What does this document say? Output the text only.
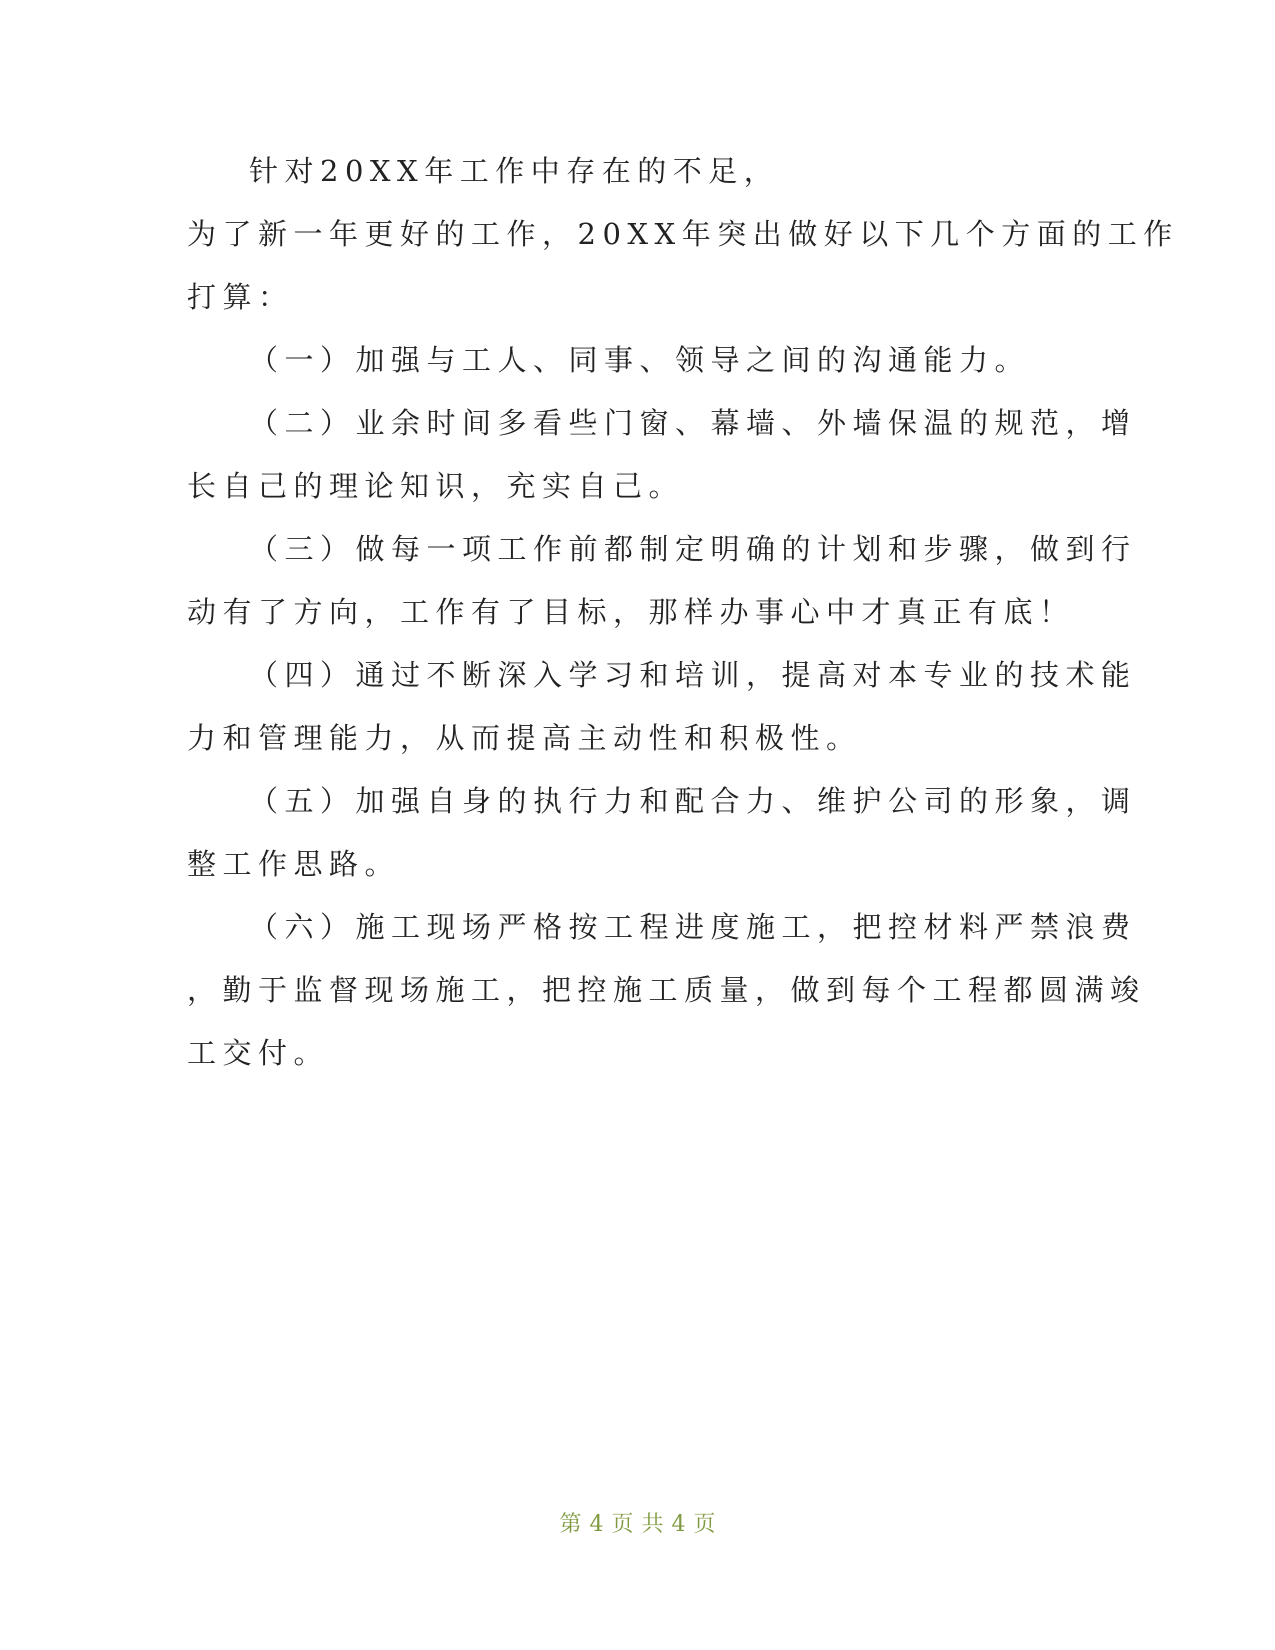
针对20XX年工作中存在的不足，
为了新一年更好的工作，20XX年突出做好以下几个方面的工作
打算：
（一）加强与工人、同事、领导之间的沟通能力。
（二）业余时间多看些门窗、幕墙、外墙保温的规范，增
长自己的理论知识，充实自己。
（三）做每一项工作前都制定明确的计划和步骤，做到行
动有了方向，工作有了目标，那样办事心中才真正有底！
（四）通过不断深入学习和培训，提高对本专业的技术能
力和管理能力，从而提高主动性和积极性。
（五）加强自身的执行力和配合力、维护公司的形象，调
整工作思路。
（六）施工现场严格按工程进度施工，把控材料严禁浪费
，勤于监督现场施工，把控施工质量，做到每个工程都圆满竣
工交付。
第 4 页 共 4 页
